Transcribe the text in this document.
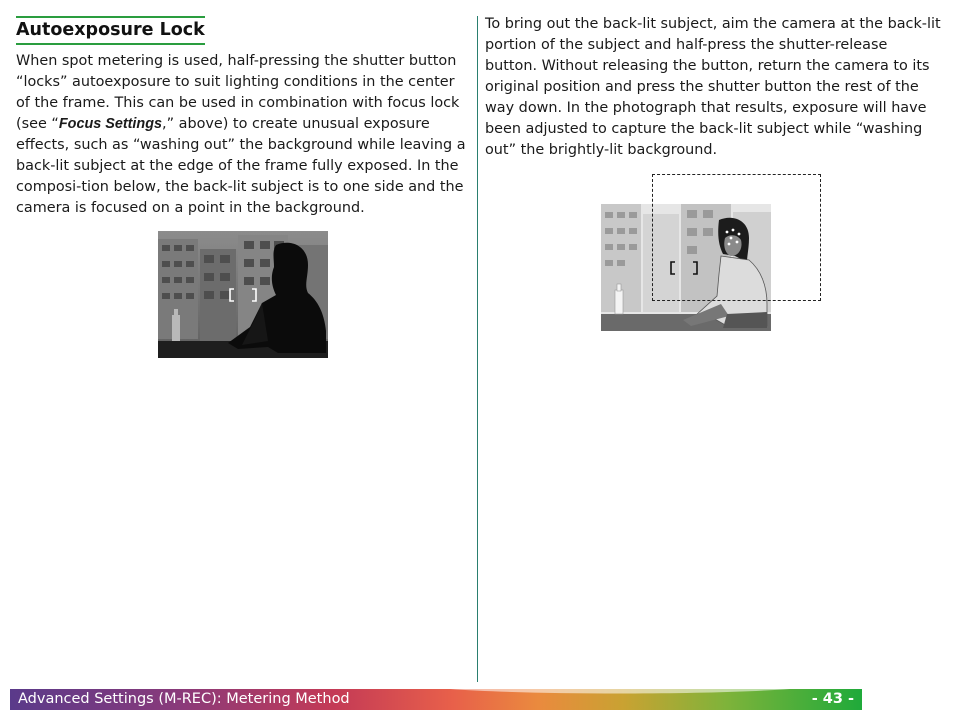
Autoexposure Lock

When spot metering is used, half-pressing the shutter button “locks” autoexposure to suit lighting conditions in the center of the frame. This can be used in combination with focus lock (see “Focus Settings,” above) to create unusual exposure effects, such as “washing out” the background while leaving a back-lit subject at the edge of the frame fully exposed. In the composi-tion below, the back-lit subject is to one side and the camera is focused on a point in the background.

To bring out the back-lit subject, aim the camera at the back-lit portion of the subject and half-press the shutter-release button. Without releasing the button, return the camera to its original position and press the shutter button the rest of the way down. In the photograph that results, exposure will have been adjusted to capture the back-lit subject while “washing out” the brightly-lit background.

Advanced Settings (M-REC): Metering Method	- 43 -
